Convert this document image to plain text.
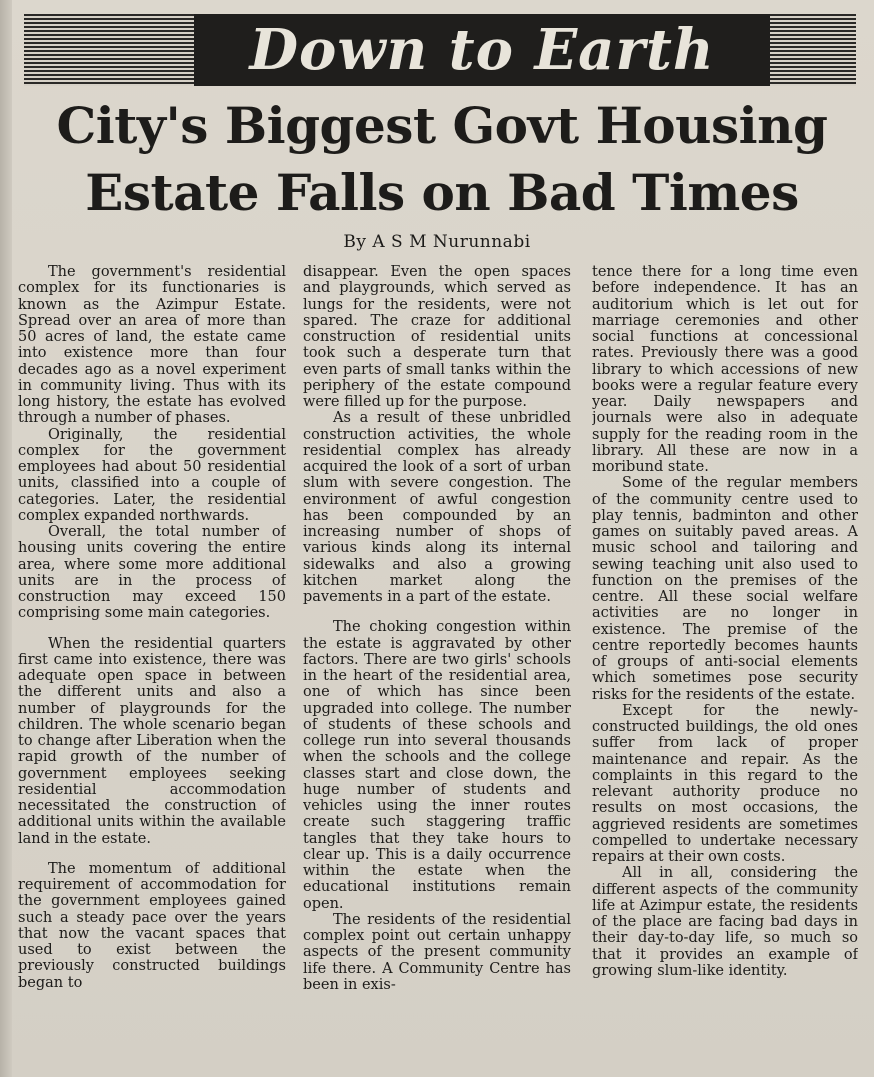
Down to Earth
City's Biggest Govt Housing
Estate Falls on Bad Times
By A S M Nurunnabi

The government's residential complex for its functionaries is known as the Azimpur Estate. Spread over an area of more than 50 acres of land, the estate came into existence more than four decades ago as a novel experiment in community living. Thus with its long history, the estate has evolved through a number of phases.

Originally, the residential complex for the government employees had about 50 residential units, classified into a couple of categories. Later, the residential complex expanded northwards.

Overall, the total number of housing units covering the entire area, where some more additional units are in the process of construction may exceed 150 comprising some main categories.

When the residential quarters first came into existence, there was adequate open space in between the different units and also a number of playgrounds for the children. The whole scenario began to change after Liberation when the rapid growth of the number of government employees seeking residential accommodation necessitated the construction of additional units within the available land in the estate.

The momentum of additional requirement of accommodation for the government employees gained such a steady pace over the years that now the vacant spaces that used to exist between the previously constructed buildings began to

disappear. Even the open spaces and playgrounds, which served as lungs for the residents, were not spared. The craze for additional construction of residential units took such a desperate turn that even parts of small tanks within the periphery of the estate compound were filled up for the purpose.

As a result of these unbridled construction activities, the whole residential complex has already acquired the look of a sort of urban slum with severe congestion. The environment of awful congestion has been compounded by an increasing number of shops of various kinds along its internal sidewalks and also a growing kitchen market along the pavements in a part of the estate.

The choking congestion within the estate is aggravated by other factors. There are two girls' schools in the heart of the residential area, one of which has since been upgraded into college. The number of students of these schools and college run into several thousands when the schools and the college classes start and close down, the huge number of students and vehicles using the inner routes create such staggering traffic tangles that they take hours to clear up. This is a daily occurrence within the estate when the educational institutions remain open.

The residents of the residential complex point out certain unhappy aspects of the present community life there. A Community Centre has been in exis-

tence there for a long time even before independence. It has an auditorium which is let out for marriage ceremonies and other social functions at concessional rates. Previously there was a good library to which accessions of new books were a regular feature every year. Daily newspapers and journals were also in adequate supply for the reading room in the library. All these are now in a moribund state.

Some of the regular members of the community centre used to play tennis, badminton and other games on suitably paved areas. A music school and tailoring and sewing teaching unit also used to function on the premises of the centre. All these social welfare activities are no longer in existence. The premise of the centre reportedly becomes haunts of groups of anti-social elements which sometimes pose security risks for the residents of the estate.

Except for the newly-constructed buildings, the old ones suffer from lack of proper maintenance and repair. As the complaints in this regard to the relevant authority produce no results on most occasions, the aggrieved residents are sometimes compelled to undertake necessary repairs at their own costs.

All in all, considering the different aspects of the community life at Azimpur estate, the residents of the place are facing bad days in their day-to-day life, so much so that it provides an example of growing slum-like identity.
